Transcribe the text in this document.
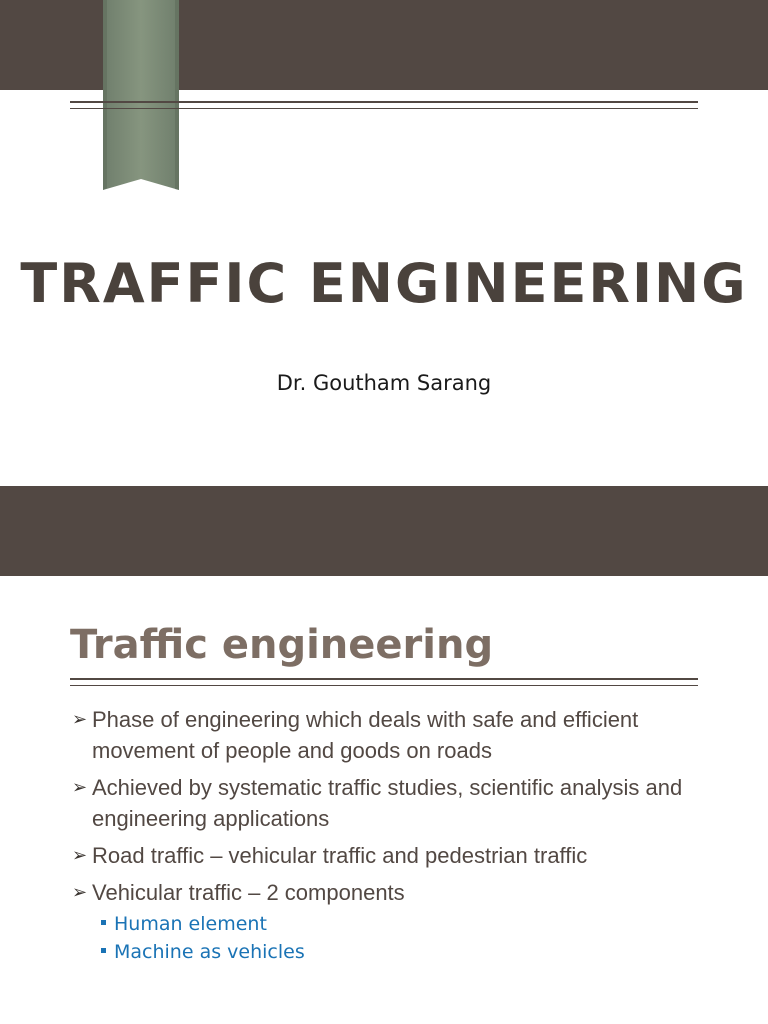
TRAFFIC ENGINEERING
Dr. Goutham Sarang
Traffic engineering
➢ Phase of engineering which deals with safe and efficient movement of people and goods on roads
➢ Achieved by systematic traffic studies, scientific analysis and engineering applications
➢ Road traffic – vehicular traffic and pedestrian traffic
➢ Vehicular traffic – 2 components
Human element
Machine as vehicles
